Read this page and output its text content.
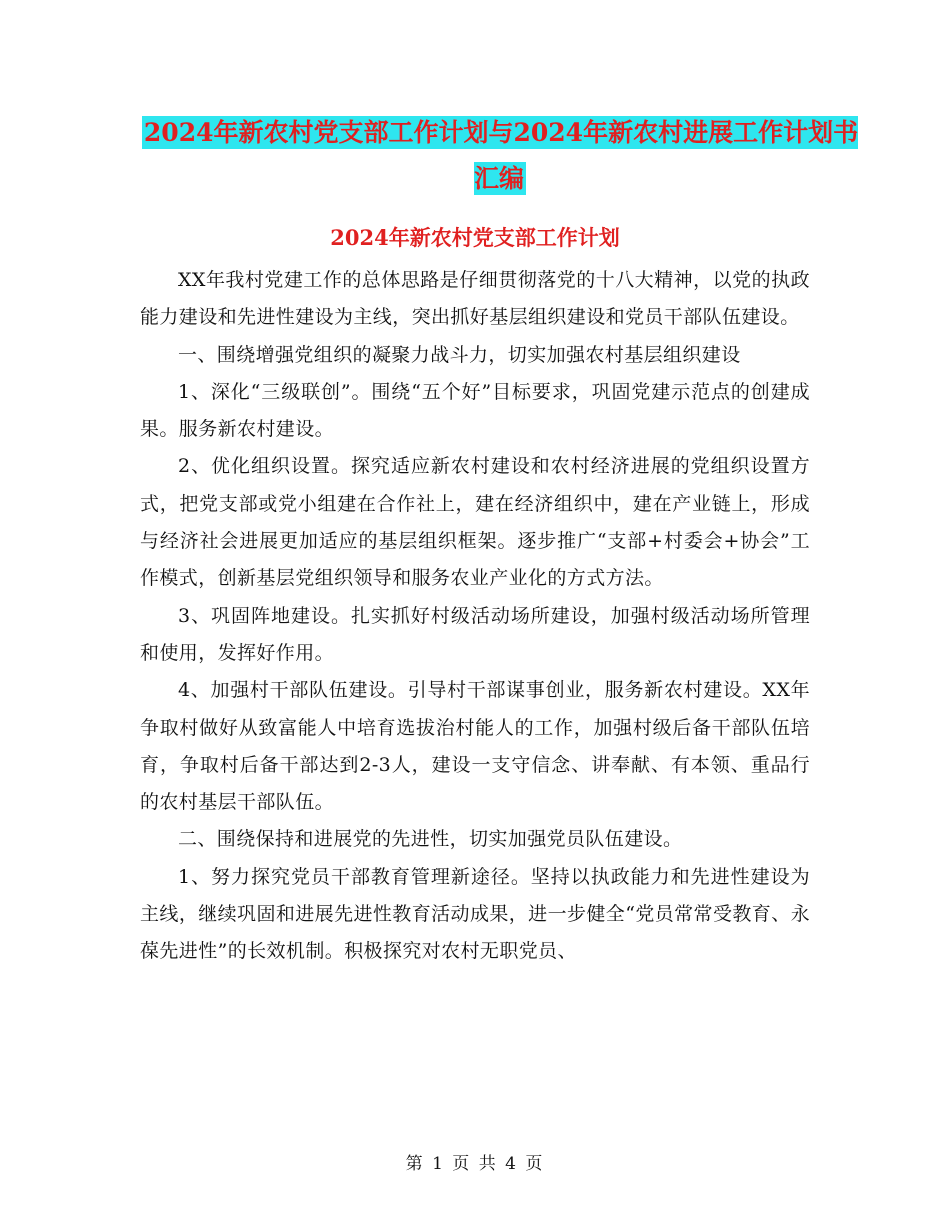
2024年新农村党支部工作计划与2024年新农村进展工作计划书汇编
2024年新农村党支部工作计划

XX年我村党建工作的总体思路是仔细贯彻落党的十八大精神，以党的执政能力建设和先进性建设为主线，突出抓好基层组织建设和党员干部队伍建设。

一、围绕增强党组织的凝聚力战斗力，切实加强农村基层组织建设

1、深化“三级联创”。围绕“五个好”目标要求，巩固党建示范点的创建成果。服务新农村建设。

2、优化组织设置。探究适应新农村建设和农村经济进展的党组织设置方式，把党支部或党小组建在合作社上，建在经济组织中，建在产业链上，形成与经济社会进展更加适应的基层组织框架。逐步推广“支部+村委会+协会”工作模式，创新基层党组织领导和服务农业产业化的方式方法。

3、巩固阵地建设。扎实抓好村级活动场所建设，加强村级活动场所管理和使用，发挥好作用。

4、加强村干部队伍建设。引导村干部谋事创业，服务新农村建设。XX年争取村做好从致富能人中培育选拔治村能人的工作，加强村级后备干部队伍培育，争取村后备干部达到2-3人，建设一支守信念、讲奉献、有本领、重品行的农村基层干部队伍。

二、围绕保持和进展党的先进性，切实加强党员队伍建设。

1、努力探究党员干部教育管理新途径。坚持以执政能力和先进性建设为主线，继续巩固和进展先进性教育活动成果，进一步健全“党员常常受教育、永葆先进性”的长效机制。积极探究对农村无职党员、

第 1 页 共 4 页
